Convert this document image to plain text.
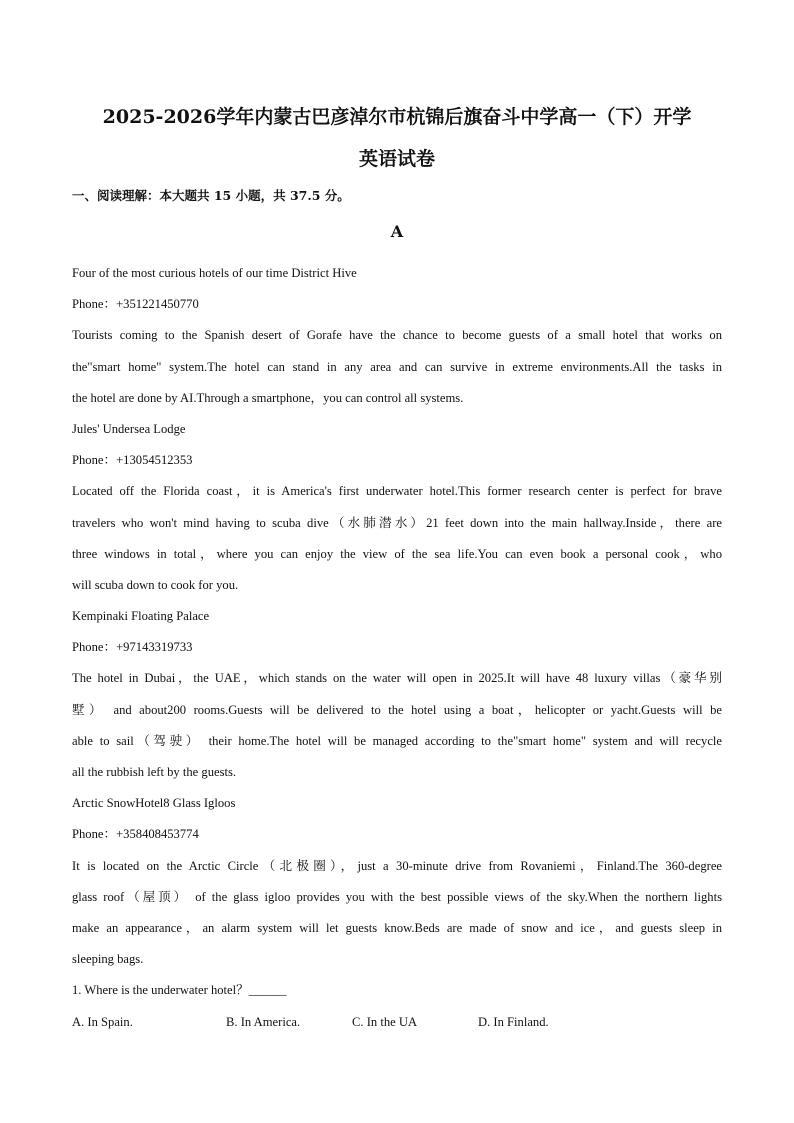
2025-2026学年内蒙古巴彦淖尔市杭锦后旗奋斗中学高一（下）开学
英语试卷
一、阅读理解：本大题共 15 小题，共 37.5 分。
A
Four of the most curious hotels of our time District Hive
Phone：+351221450770
Tourists coming to the Spanish desert of Gorafe have the chance to become guests of a small hotel that works on
the"smart home" system.The hotel can stand in any area and can survive in extreme environments.All the tasks in
the hotel are done by AI.Through a smartphone，you can control all systems.
Jules' Undersea Lodge
Phone：+13054512353
Located off the Florida coast，it is America's first underwater hotel.This former research center is perfect for brave
travelers who won't mind having to scuba dive（水肺潜水）21 feet down into the main hallway.Inside，there are
three windows in total，where you can enjoy the view of the sea life.You can even book a personal cook，who
will scuba down to cook for you.
Kempinaki Floating Palace
Phone：+97143319733
The hotel in Dubai，the UAE，which stands on the water will open in 2025.It will have 48 luxury villas（豪华别
墅） and about200 rooms.Guests will be delivered to the hotel using a boat，helicopter or yacht.Guests will be
able to sail（驾驶） their home.The hotel will be managed according to the"smart home" system and will recycle
all the rubbish left by the guests.
Arctic SnowHotel8 Glass Igloos
Phone：+358408453774
It is located on the Arctic Circle（北极圈），just a 30-minute drive from Rovaniemi，Finland.The 360-degree
glass roof（屋顶） of the glass igloo provides you with the best possible views of the sky.When the northern lights
make an appearance，an alarm system will let guests know.Beds are made of snow and ice，and guests sleep in
sleeping bags.
1. Where is the underwater hotel？______
A. In Spain.	B. In America.	C. In the UA	D. In Finland.
